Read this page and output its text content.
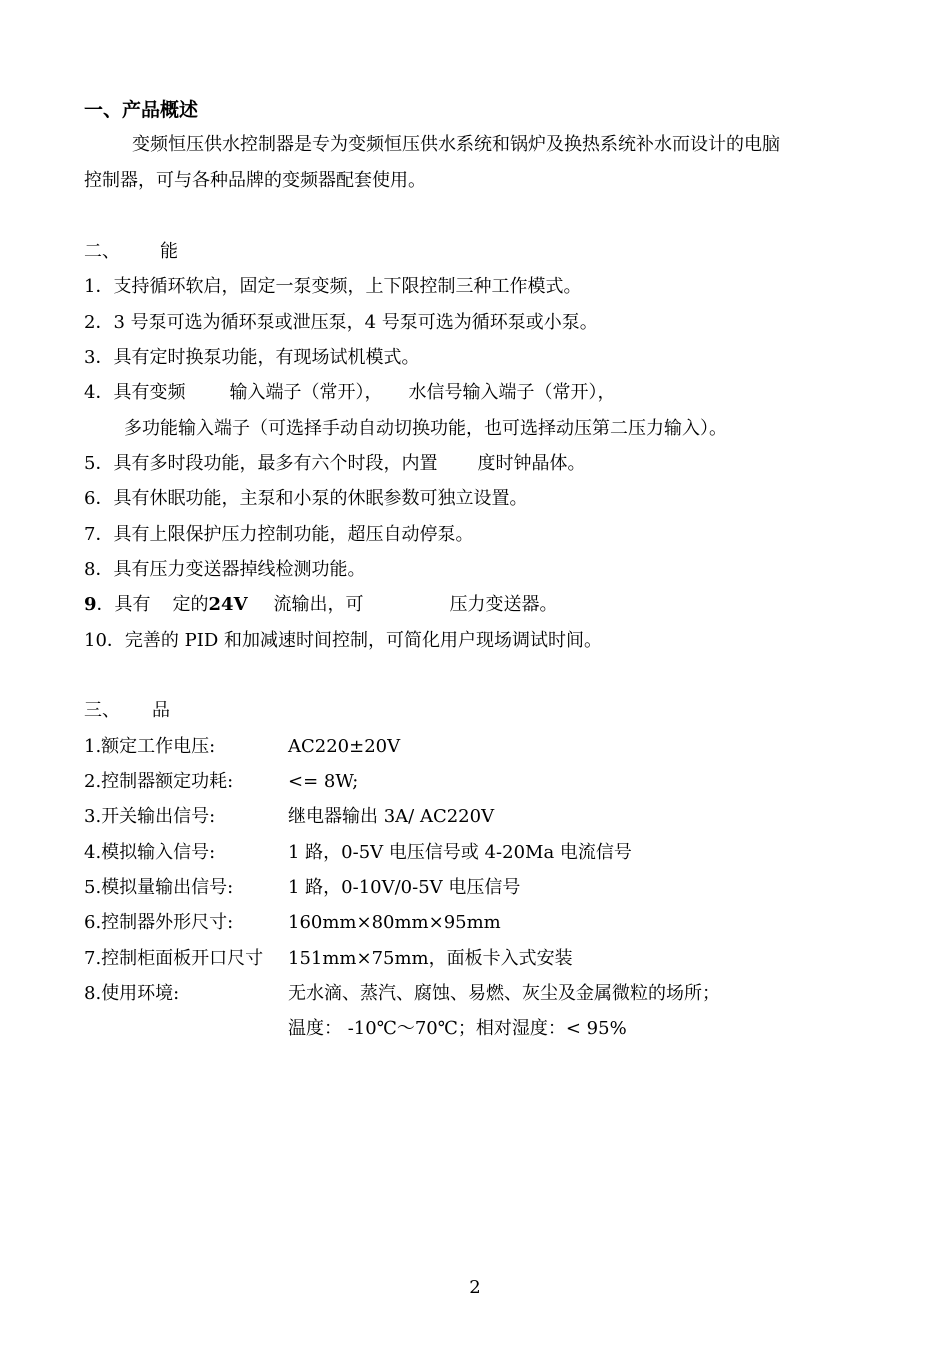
一、产品概述
变频恒压供水控制器是专为变频恒压供水系统和锅炉及换热系统补水而设计的电脑
控制器，可与各种品牌的变频器配套使用。
二、 能
1．支持循环软启，固定一泵变频，上下限控制三种工作模式。
2．3 号泵可选为循环泵或泄压泵，4 号泵可选为循环泵或小泵。
3．具有定时换泵功能，有现场试机模式。
4．具有变频 输入端子（常开）， 水信号输入端子（常开），
多功能输入端子（可选择手动自动切换功能，也可选择动压第二压力输入）。
5．具有多时段功能，最多有六个时段，内置 度时钟晶体。
6．具有休眠功能，主泵和小泵的休眠参数可独立设置。
7．具有上限保护压力控制功能，超压自动停泵。
8．具有压力变送器掉线检测功能。
9．具有 定的24V 流输出，可	压力变送器。
10．完善的 PID 和加减速时间控制，可简化用户现场调试时间。
三、 品
1.额定工作电压:	AC220±20V
2.控制器额定功耗:	<= 8W;
3.开关输出信号:	继电器输出 3A/ AC220V
4.模拟输入信号:	1 路，0-5V 电压信号或 4-20Ma 电流信号
5.模拟量输出信号:	1 路，0-10V/0-5V 电压信号
6.控制器外形尺寸:	160mm×80mm×95mm
7.控制柜面板开口尺寸 151mm×75mm，面板卡入式安装
8.使用环境:	无水滴、蒸汽、腐蚀、易燃、灰尘及金属微粒的场所；
温度： -10℃～70℃；相对湿度：< 95%
2
